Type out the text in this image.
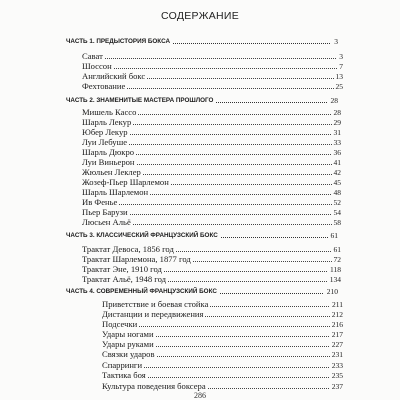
СОДЕРЖАНИЕ
ЧАСТЬ 1. ПРЕДЫСТОРИЯ БОКСА	3
Сават	3
Шоссон	7
Английский бокс	13
Фехтование	25
ЧАСТЬ 2. ЗНАМЕНИТЫЕ МАСТЕРА ПРОШЛОГО	28
Мишель Кассо	28
Шарль Лекур	29
Юбер Лекур	31
Луи Лебуше	33
Шарль Дюкро	36
Луи Виньерон	41
Жюльен Леклер	42
Жозеф-Пьер Шарлемон	45
Шарль Шарлемон	48
Ив Фенье	52
Пьер Барузи	54
Люсьен Альё	58
ЧАСТЬ 3. КЛАССИЧЕСКИЙ ФРАНЦУЗСКИЙ БОКС	61
Трактат Девоса, 1856 год	61
Трактат Шарлемона, 1877 год	72
Трактат Эне, 1910 год	118
Трактат Альё, 1948 год	134
ЧАСТЬ 4. СОВРЕМЕННЫЙ ФРАНЦУЗСКИЙ БОКС	210
Приветствие и боевая стойка	211
Дистанции и передвижения	212
Подсечки	216
Удары ногами	217
Удары руками	227
Связки ударов	231
Спарринги	233
Тактика боя	235
Культура поведения боксера	237
286
